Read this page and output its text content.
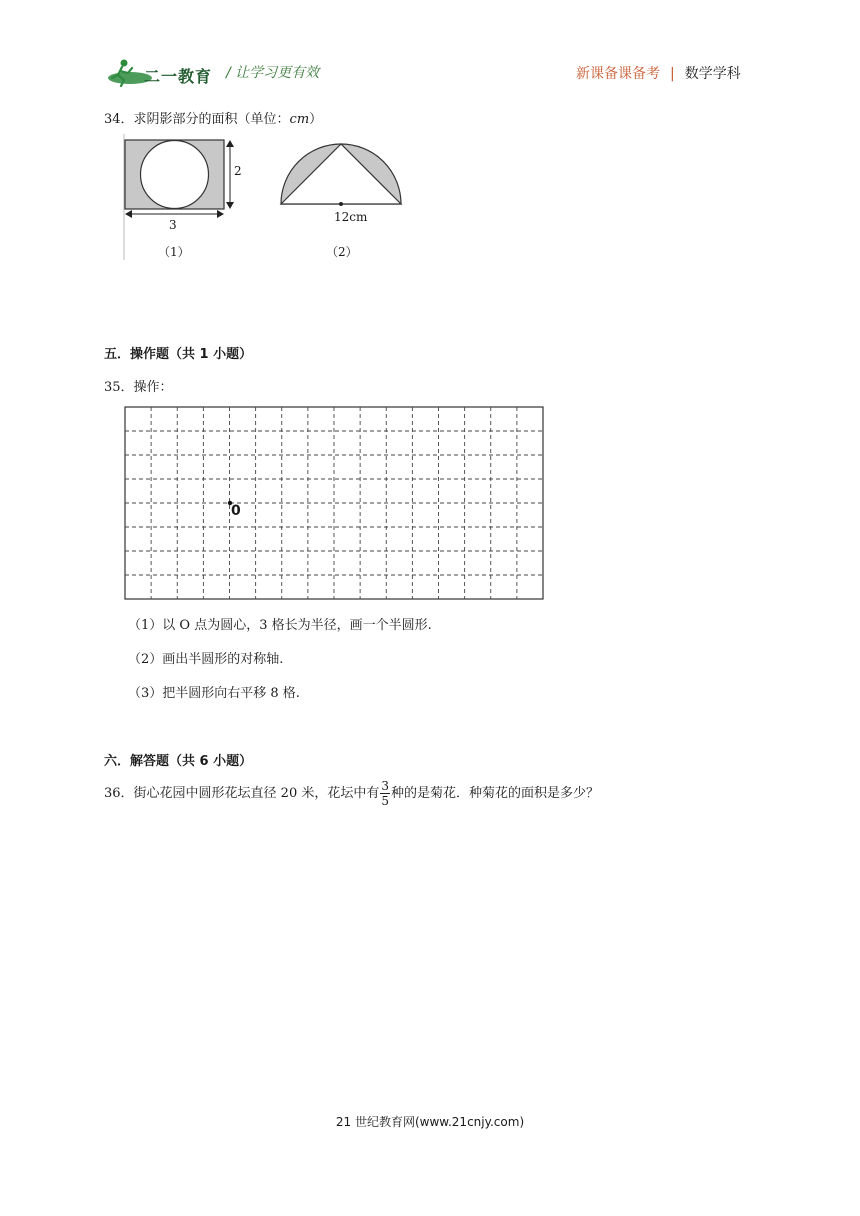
二一教育 / 让学习更有效	新课备课备考 | 数学学科
34．求阴影部分的面积（单位：cm）
2
3
（1）
12cm
（2）
五．操作题（共 1 小题）
35．操作：
0
（1）以 O 点为圆心，3 格长为半径，画一个半圆形.
（2）画出半圆形的对称轴.
（3）把半圆形向右平移 8 格.
六．解答题（共 6 小题）
36．街心花园中圆形花坛直径 20 米，花坛中有 $\frac{3}{5}$ 种的是菊花．种菊花的面积是多少？
21 世纪教育网(www.21cnjy.com)
